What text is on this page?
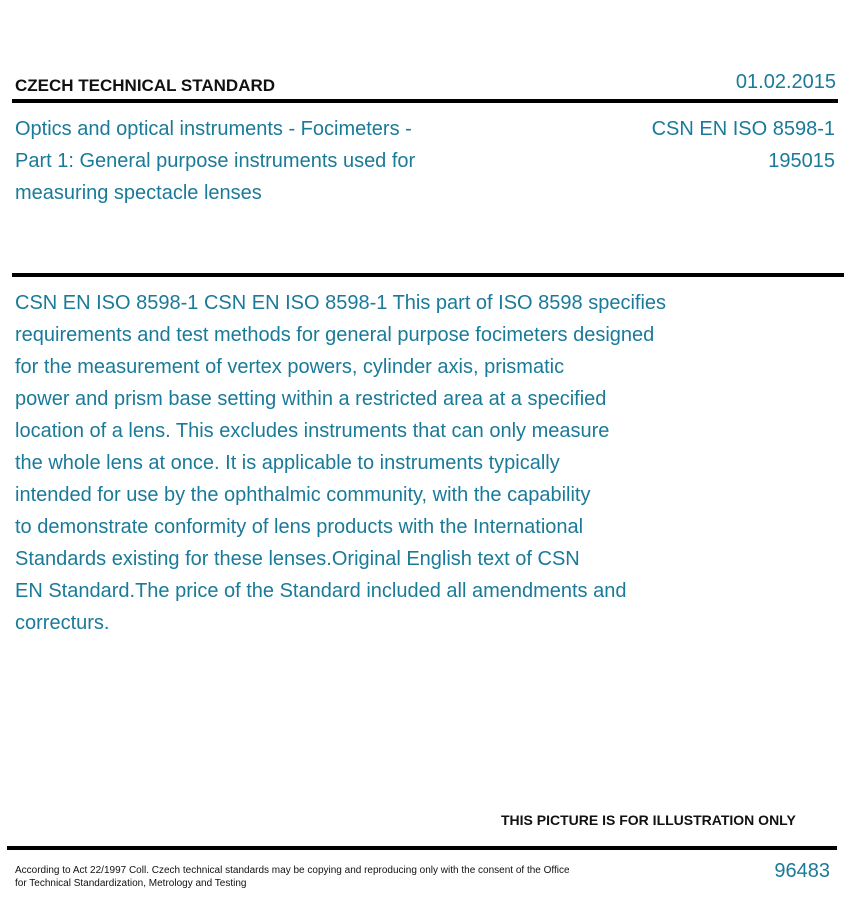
CZECH TECHNICAL STANDARD	01.02.2015
Optics and optical instruments - Focimeters - Part 1: General purpose instruments used for measuring spectacle lenses
CSN EN ISO 8598-1
195015
CSN EN ISO 8598-1 CSN EN ISO 8598-1 This part of ISO 8598 specifies
requirements and test methods for general purpose focimeters designed
for the measurement of vertex powers, cylinder axis, prismatic
power and prism base setting within a restricted area at a specified
location of a lens. This excludes instruments that can only measure
the whole lens at once. It is applicable to instruments typically
intended for use by the ophthalmic community, with the capability
to demonstrate conformity of lens products with the International
Standards existing for these lenses.Original English text of CSN
EN Standard.The price of the Standard included all amendments and
correcturs.
THIS PICTURE IS FOR ILLUSTRATION ONLY
According to Act 22/1997 Coll. Czech technical standards may be copying and reproducing only with the consent of the Office
for Technical Standardization, Metrology and Testing
96483
